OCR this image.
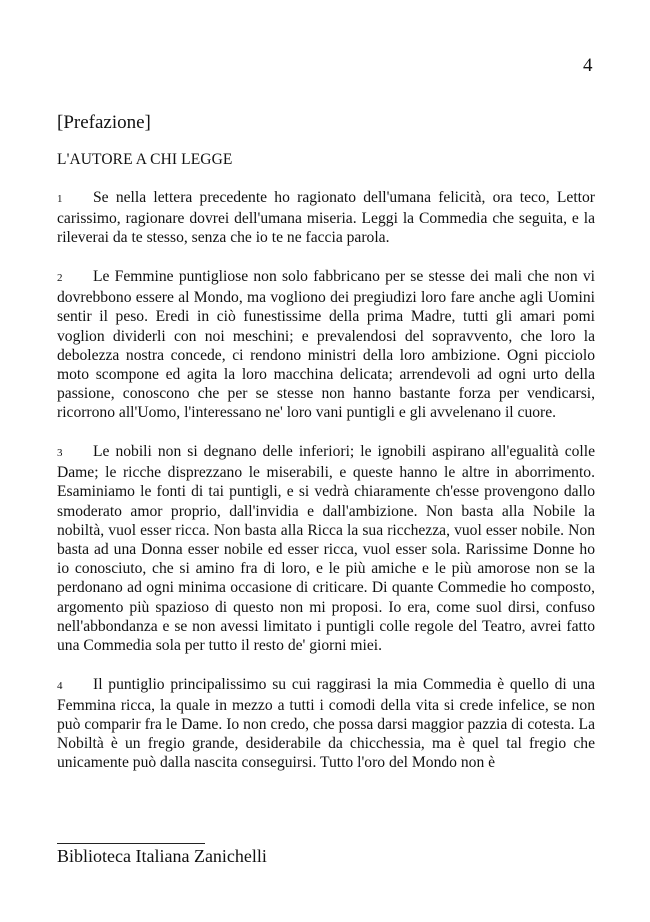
4
[Prefazione]
L'AUTORE A CHI LEGGE

1 Se nella lettera precedente ho ragionato dell'umana felicità, ora teco, Lettor carissimo, ragionare dovrei dell'umana miseria. Leggi la Commedia che seguita, e la rileverai da te stesso, senza che io te ne faccia parola.

2 Le Femmine puntigliose non solo fabbricano per se stesse dei mali che non vi dovrebbono essere al Mondo, ma vogliono dei pregiudizi loro fare anche agli Uomini sentir il peso. Eredi in ciò funestissime della prima Madre, tutti gli amari pomi voglion dividerli con noi meschini; e prevalendosi del sopravvento, che loro la debolezza nostra concede, ci rendono ministri della loro ambizione. Ogni picciolo moto scompone ed agita la loro macchina delicata; arrendevoli ad ogni urto della passione, conoscono che per se stesse non hanno bastante forza per vendicarsi, ricorrono all'Uomo, l'interessano ne' loro vani puntigli e gli avvelenano il cuore.

3 Le nobili non si degnano delle inferiori; le ignobili aspirano all'egualità colle Dame; le ricche disprezzano le miserabili, e queste hanno le altre in aborrimento. Esaminiamo le fonti di tai puntigli, e si vedrà chiaramente ch'esse provengono dallo smoderato amor proprio, dall'invidia e dall'ambizione. Non basta alla Nobile la nobiltà, vuol esser ricca. Non basta alla Ricca la sua ricchezza, vuol esser nobile. Non basta ad una Donna esser nobile ed esser ricca, vuol esser sola. Rarissime Donne ho io conosciuto, che si amino fra di loro, e le più amiche e le più amorose non se la perdonano ad ogni minima occasione di criticare. Di quante Commedie ho composto, argomento più spazioso di questo non mi proposi. Io era, come suol dirsi, confuso nell'abbondanza e se non avessi limitato i puntigli colle regole del Teatro, avrei fatto una Commedia sola per tutto il resto de' giorni miei.

4 Il puntiglio principalissimo su cui raggirasi la mia Commedia è quello di una Femmina ricca, la quale in mezzo a tutti i comodi della vita si crede infelice, se non può comparir fra le Dame. Io non credo, che possa darsi maggior pazzia di cotesta. La Nobiltà è un fregio grande, desiderabile da chicchessia, ma è quel tal fregio che unicamente può dalla nascita conseguirsi. Tutto l'oro del Mondo non è

Biblioteca Italiana Zanichelli
